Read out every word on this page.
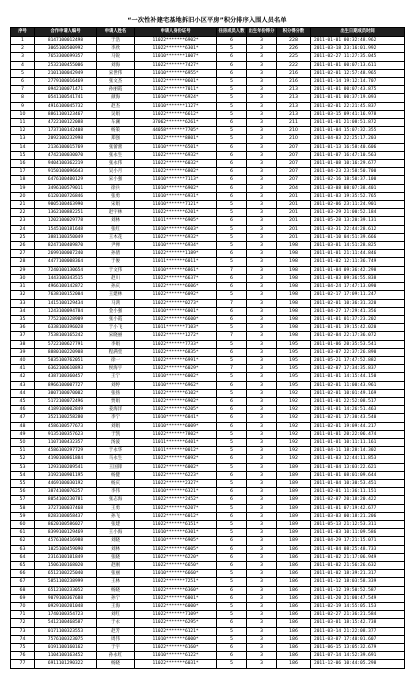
“一次性补建宅基地拆旧小区平房”积分排序入围人员名单
序号	合作申请人编号	申请人姓名	申请人身份证号	住房成员人数	出生年份得分	积分得分数	出生日期成员时间
1	8147100012498	于浩	11022*******6902*	6	3	228	2011-01-01 00:32:48.962
2	3065100500992	李欣	11022*******6301*	5	3	226	2011-03-18 23:16:01.992
3	7653300699357	马锐	11010*******1007*	6	3	225	2011-02-27 11:27:35.045
4	2532100455006	刘海	11022*******7427*	6	3	222	2011-01-01 00:07:13.611
5	2101100042949	宋世伟	11010*******6955*	6	3	216	2011-02-01 12:57:48.965
6	2779100016469	张文杰	11022*******0601*	5	3	216	2011-01-14 19:12:14.707
7	0942100071471	孙丽霞	11022*******7011*	5	3	213	2011-01-01 00:07:43.875
8	0541100541741	颜海	11010*******6924*	5	3	213	2011-01-01 00:37:19.093
9	4916100045732	赵杰	11010*******1127*	5	3	213	2011-02-01 22:21:45.837
10	8861100123467	吴娟	11022*******6612*	5	3	213	2011-03-15 09:41:16.978
11	4722100122088	车澜	37062*******6261*	6	3	211	2011-01-01 21:08:51.872
12	1737100142408	杨策	44058*******7705*	5	3	210	2011-01-04 15:07:32.355
13	2092100232998	郑强	11022*******8801*	5	3	210	2011-04-03 22:25:17.203
14	2136100015769	张蕾蕾	11010*******6501*	6	3	207	2011-01-13 16:58:40.606
15	4742100030070	张永生	11022*******6932*	6	3	207	2011-01-07 16:47:10.563
16	9404100362219	张永伟	11022*******6032*	6	3	207	2011-01-08 10:16:29.677
17	9150100096643	吴小月	11022*******6802*	6	3	207	2011-04-23 23:58:50.700
18	6476100400129	宋小强	11010*******7113*	6	3	207	2011-02-16 18:50:37.100
19	3496100579011	徐兵	11010*******6902*	6	3	204	2011-03-08 08:07:38.401
20	6120100726846	张勇	11010*******6931*	6	3	201	2011-01-03 19:35:52.765
21	9005100463990	宋娟	11010*******7121*	5	3	201	2011-02-06 23:11:24.901
22	1362100882251	赵宇林	11022*******6201*	5	3	201	2011-03-29 21:00:52.184
23	1202100029778	刘林	11011*******6905*	6	3	201	2011-05-28 13:20:39.131
24	1545100181648	张红	11010*******6603*	5	3	201	2011-03-31 22:44:28.612
25	3881100350049	王木花	11022*******6932*	5	3	201	2011-01-10 04:51:39.666
26	8247100409870	尹禅	11010*******6934*	5	3	198	2011-03-01 14:51:28.825
27	2699100007240	孙倩	11022*******1189*	6	3	198	2011-01-01 21:11:44.846
28	4477100008364	于俊	11011*******6011*	5	3	198	2011-01-02 12:11:36.749
29	7240100130654	于文伟	11010*******6861*	7	3	198	2011-01-04 09:36:42.298
30	1443100343515	赵川	11022*******6637*	6	3	198	2011-01-03 09:36:55.838
31	4966100142872	孙庆	11022*******6606*	6	3	198	2011-04-24 17:47:13.090
32	7638100152004	王建林	11022*******6092*	5	3	198	2011-02-17 17:09:11.247
33	1415100129434	马鸿	11022*******0273*	7	3	198	2011-02-01 10:36:31.320
34	1243100094784	金小强	11010*******6001*	6	3	198	2011-04-27 17:29:41.356
35	7752100328909	张小霞	11022*******6600*	6	3	198	2011-01-01 01:37:23.202
36	6338100396028	于小飞	11011*******7103*	5	3	198	2011-01-01 19:15:42.020
37	7538100165242	宋晓丽	11022*******1272*	7	3	198	2011-02-04 22:17:36.072
38	5722100627791	李娟	11022*******7733*	5	3	195	2011-01-06 20:35:53.541
39	8880100220908	程满堂	11022*******6835*	6	3	195	2011-03-07 22:37:26.890
40	5035100762051	徐一	11022*******6991*	5	3	195	2011-05-21 17:47:52.882
41	6362100610893	侯海宇	11022*******6029*	7	3	195	2011-02-07 17:34:35.837
42	4387100360457	王宁	11010*******6002*	5	3	195	2011-01-01 14:15:44.150
43	8966100007727	刘婷	11010*******6962*	6	3	195	2011-02-01 11:00:43.961
44	3007100070002	张扬	11022*******6102*	5	3	192	2011-02-01 10:01:49.169
45	5172100072496	贾娟	11022*******6902*	6	3	192	2011-01-01 22:52:08.517
46	4189100002849	姜海洋	11022*******6205*	6	3	192	2011-01-01 14:26:51.463
47	3521100258280	李宁	11010*******6041*	6	3	192	2011-02-01 17:30:43.540
48	4586100577673	刘娟	11010*******6009*	6	3	192	2011-02-01 19:09:44.217
49	9135100357623	于凯	11022*******7802*	5	3	192	2011-01-01 20:22:06.474
50	1107100432357	汤波	11011*******6401*	5	3	192	2011-01-01 10:11:11.161
51	4586100297729	于永华	11011*******0012*	5	3	192	2011-04-11 18:28:14.302
52	4190100861884	马永生	11022*******6092*	6	3	192	2011-01-03 12:44:11.853
53	1293100209541	王国锋	11022*******6002*	5	3	189	2011-01-04 13:03:22.621
54	3192100901195	杨健	11022*******6223*	6	3	189	2011-01-01 08:01:09.644
55	4469100030192	杨庆	11022*******2327*	5	3	189	2011-01-04 10:30:53.451
56	3874100076257	李伟	11010*******6321*	6	3	189	2011-02-01 11:36:11.151
57	8054100230781	张志海	11022*******2452*	6	3	189	2011-02-07 20:18:20.422
58	3727100037468	王勇	11022*******6207*	5	3	189	2011-01-01 07:19:42.677
59	8283100058437	孙飞	11022*******6012*	6	3	189	2011-03-03 00:18:21.206
60	8620100586027	张建	11022*******6151*	5	3	189	2011-05-13 21:12:53.311
61	8399100129469	王小海	11010*******6301*	5	3	189	2011-01-03 10:11:09.586
62	4576100416988	刘晓	11010*******6905*	6	3	189	2011-04-29 17:21:15.071
63	1025100459090	刘林	11022*******6005*	6	3	186	2011-01-04 08:25:48.733
64	2316100101849	张晓	11022*******6220*	6	3	186	2011-01-02 21:17:06.949
65	1506100168020	赵刚	11022*******6650*	6	3	186	2011-01-02 21:56:26.632
66	6512100225040	张丽	11010*******6660*	5	3	186	2011-01-02 18:39:21.317
67	5851100238999	王林	11022*******7251*	5	3	186	2011-01-12 18:03:58.339
68	6512100233052	杨晓	11022*******6360*	6	3	186	2011-01-12 19:50:52.587
69	9079100367688	孙宁	11022*******6001*	6	3	186	2011-01-20 21:00:47.549
70	0929100201048	王海	11022*******6000*	5	3	186	2011-02-19 14:55:05.153
71	1740100354723	刘红	11022*******7109*	5	3	186	2011-02-27 21:36:21.584
72	5412100468587	于永	11022*******6295*	6	3	186	2011-03-01 18:15:42.738
73	0171100323553	赵芳	11022*******6121*	5	3	186	2011-03-14 21:22:08.377
74	7576100323075	周伟	11010*******6000*	5	3	186	2011-03-07 17:40:01.607
75	0191100160162	于宇	11022*******6160*	6	3	186	2011-06-15 13:05:32.679
76	1104100163452	孙永红	11010*******6122*	6	3	186	2011-07-14 14:52:39.691
77	6911101290322	杨晓	11022*******6031*	5	3	186	2011-12-06 10:44:05.298
